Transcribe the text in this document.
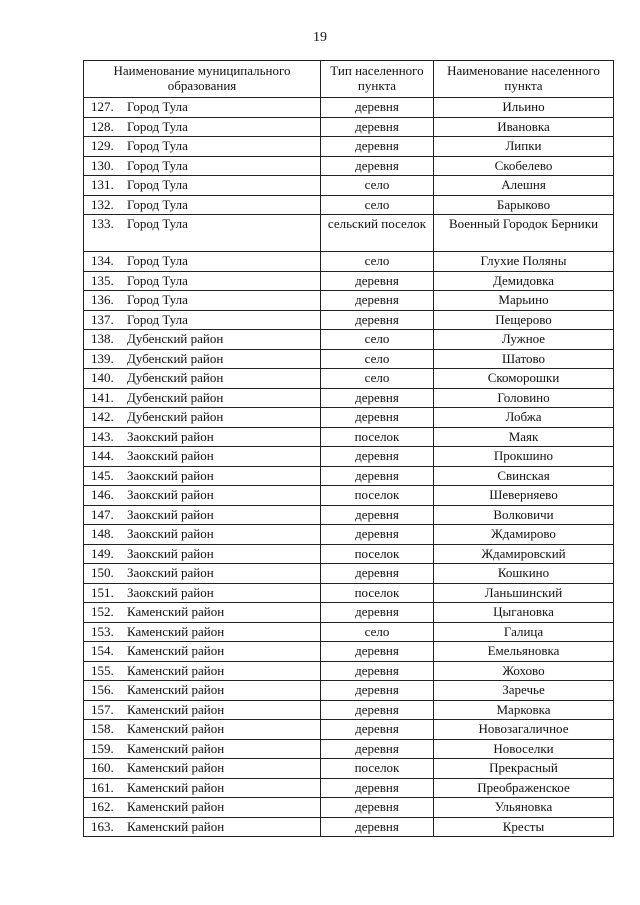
19
Наименование муниципального образования	Тип населенного пункта	Наименование населенного пункта
127. Город Тула	деревня	Ильино
128. Город Тула	деревня	Ивановка
129. Город Тула	деревня	Липки
130. Город Тула	деревня	Скобелево
131. Город Тула	село	Алешня
132. Город Тула	село	Барыково
133. Город Тула	сельский поселок	Военный Городок Берники
134. Город Тула	село	Глухие Поляны
135. Город Тула	деревня	Демидовка
136. Город Тула	деревня	Марьино
137. Город Тула	деревня	Пещерово
138. Дубенский район	село	Лужное
139. Дубенский район	село	Шатово
140. Дубенский район	село	Скоморошки
141. Дубенский район	деревня	Головино
142. Дубенский район	деревня	Лобжа
143. Заокский район	поселок	Маяк
144. Заокский район	деревня	Прокшино
145. Заокский район	деревня	Свинская
146. Заокский район	поселок	Шеверняево
147. Заокский район	деревня	Волковичи
148. Заокский район	деревня	Ждамирово
149. Заокский район	поселок	Ждамировский
150. Заокский район	деревня	Кошкино
151. Заокский район	поселок	Ланьшинский
152. Каменский район	деревня	Цыгановка
153. Каменский район	село	Галица
154. Каменский район	деревня	Емельяновка
155. Каменский район	деревня	Жохово
156. Каменский район	деревня	Заречье
157. Каменский район	деревня	Марковка
158. Каменский район	деревня	Новозагаличное
159. Каменский район	деревня	Новоселки
160. Каменский район	поселок	Прекрасный
161. Каменский район	деревня	Преображенское
162. Каменский район	деревня	Ульяновка
163. Каменский район	деревня	Кресты
